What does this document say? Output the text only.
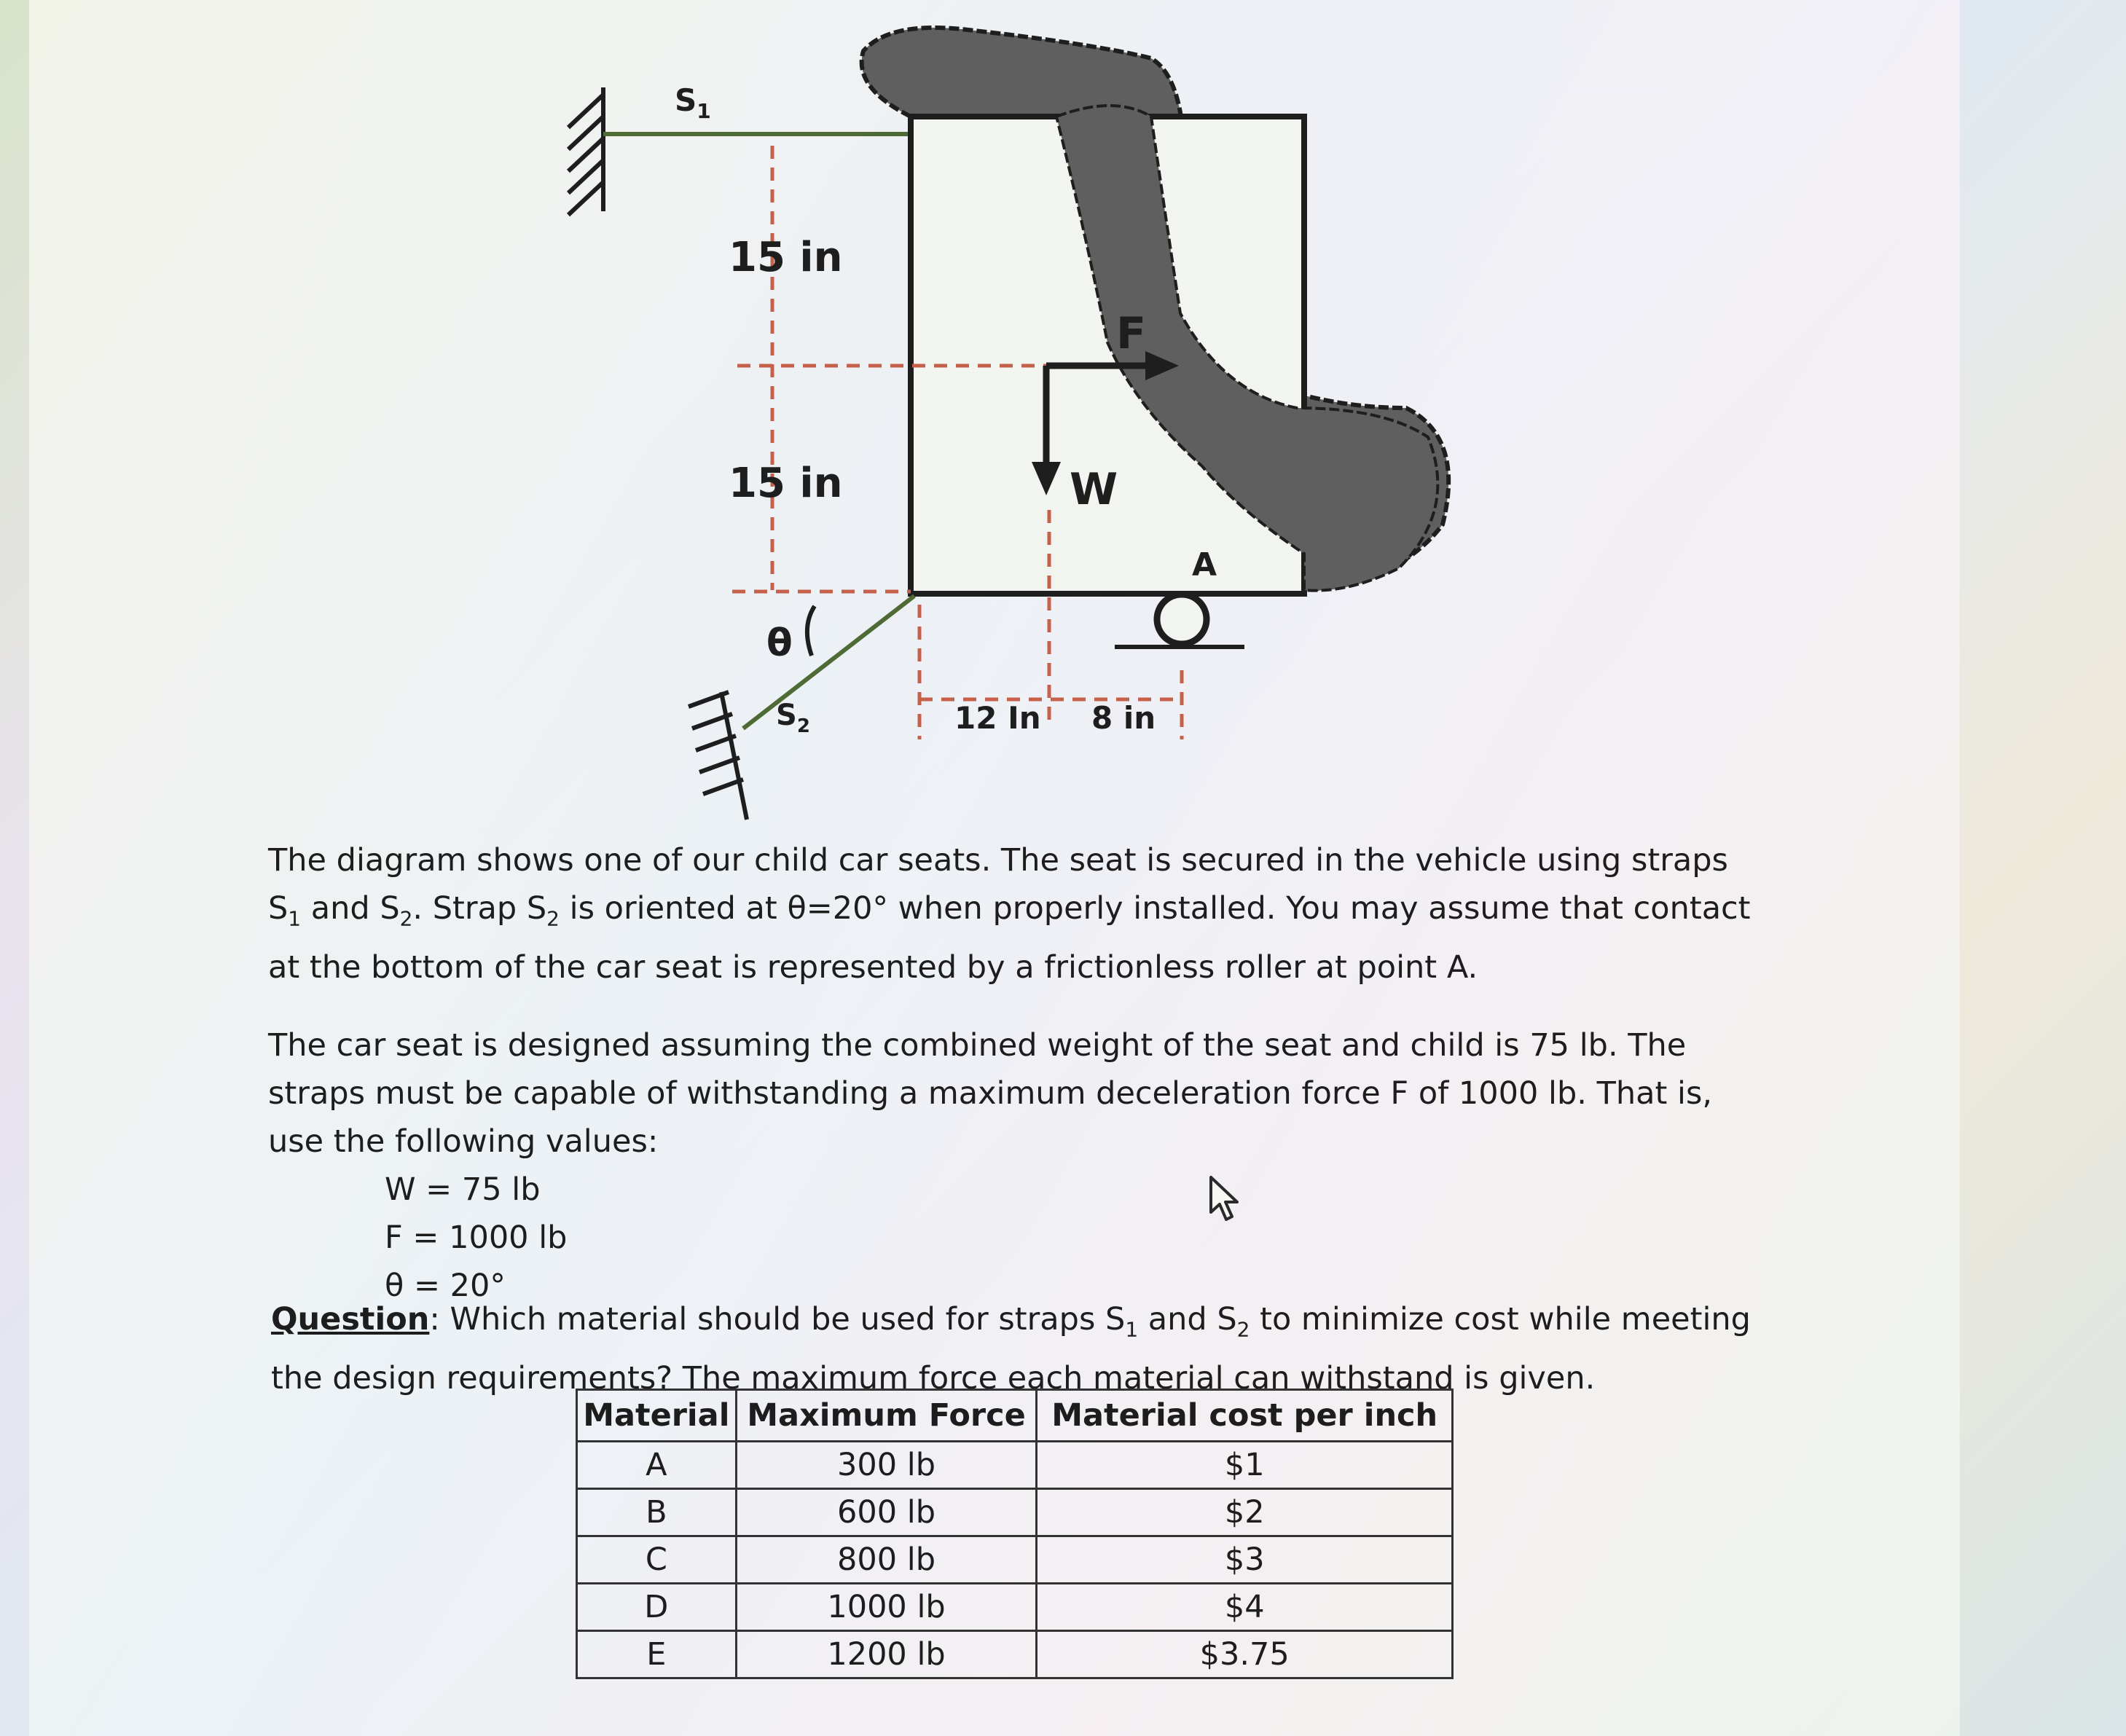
$S_1$
15 in
15 in
F
W
A
θ
$S_2$	12 In 8 in

The diagram shows one of our child car seats. The seat is secured in the vehicle using straps $S_1$ and $S_2$. Strap $S_2$ is oriented at θ=20° when properly installed. You may assume that contact at the bottom of the car seat is represented by a frictionless roller at point A.

The car seat is designed assuming the combined weight of the seat and child is 75 lb. The straps must be capable of withstanding a maximum deceleration force F of 1000 lb. That is, use the following values:

W = 75 lb
F = 1000 lb
θ = 20°

Question: Which material should be used for straps $S_1$ and $S_2$ to minimize cost while meeting the design requirements? The maximum force each material can withstand is given.

Material	Maximum Force	Material cost per inch
A	300 lb	$1
B	600 lb	$2
C	800 lb	$3
D	1000 lb	$4
E	1200 lb	$3.75
